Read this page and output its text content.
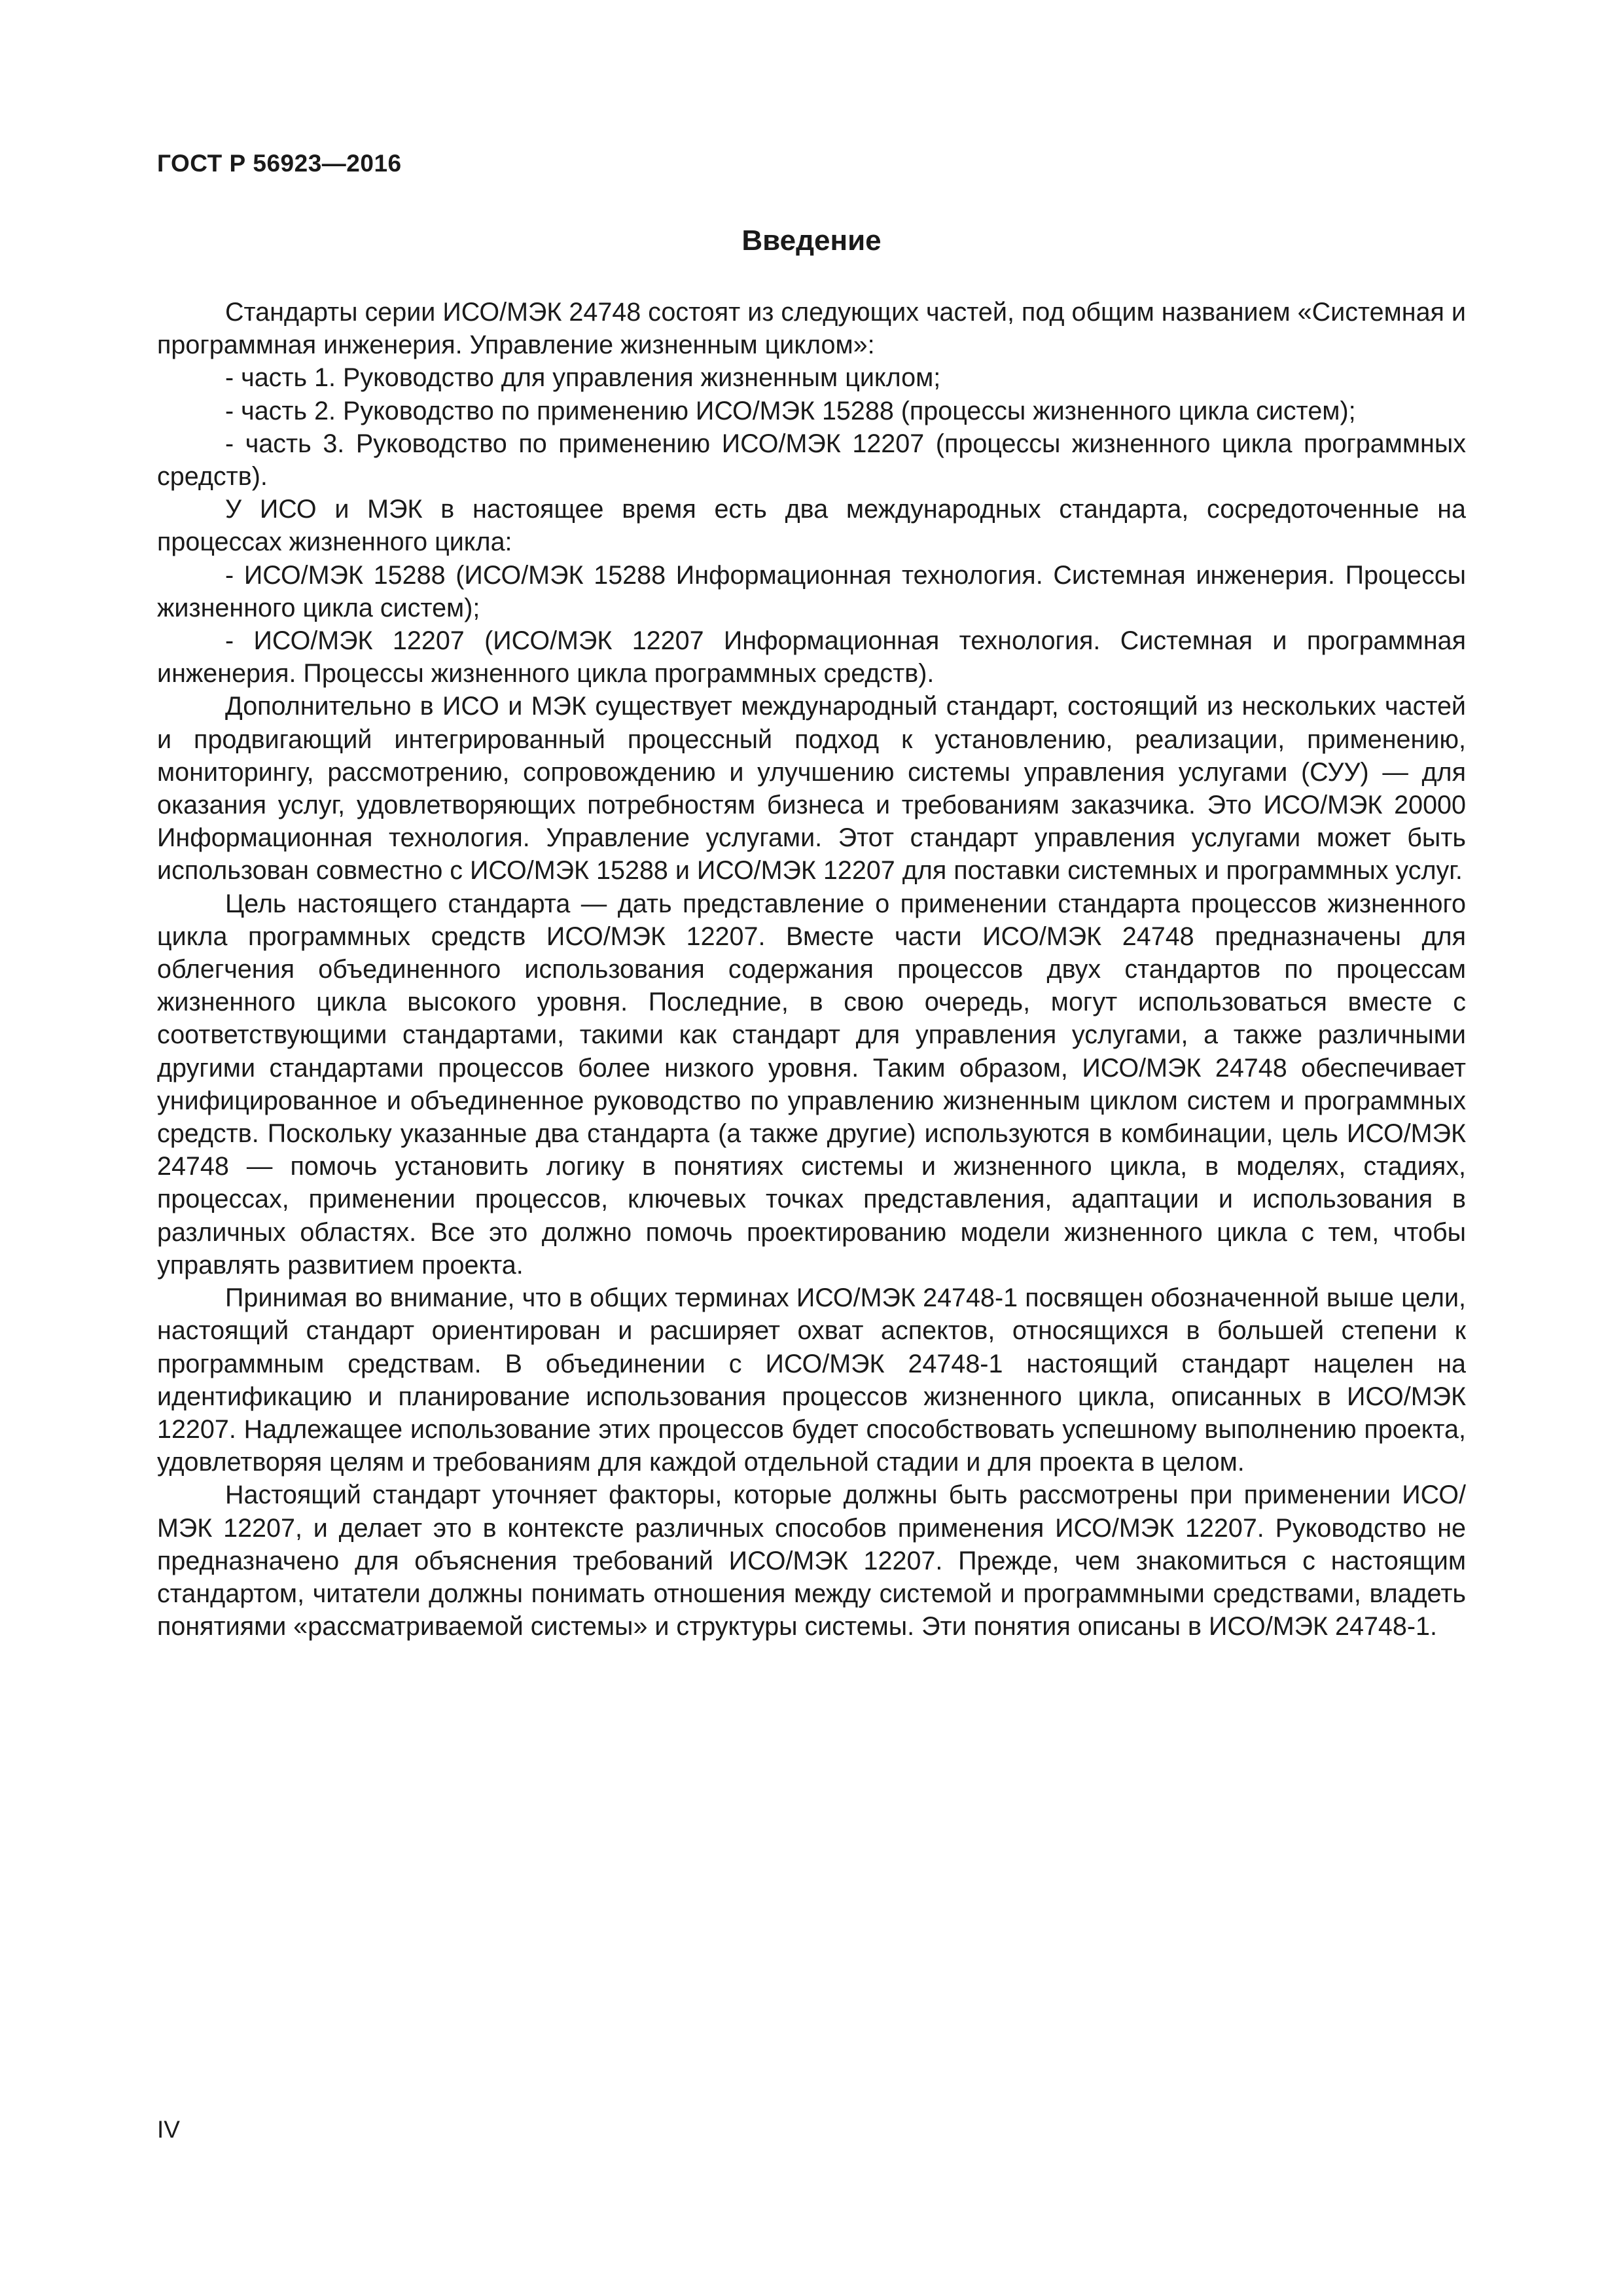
ГОСТ Р 56923—2016
Введение

Стандарты серии ИСО/МЭК 24748 состоят из следующих частей, под общим названием «Системная и программная инженерия. Управление жизненным циклом»:

- часть 1. Руководство для управления жизненным циклом;

- часть 2. Руководство по применению ИСО/МЭК 15288 (процессы жизненного цикла систем);

- часть 3. Руководство по применению ИСО/МЭК 12207 (процессы жизненного цикла программных средств).

У ИСО и МЭК в настоящее время есть два международных стандарта, сосредоточенные на процессах жизненного цикла:

- ИСО/МЭК 15288 (ИСО/МЭК 15288 Информационная технология. Системная инженерия. Процессы жизненного цикла систем);

- ИСО/МЭК 12207 (ИСО/МЭК 12207 Информационная технология. Системная и программная инженерия. Процессы жизненного цикла программных средств).

Дополнительно в ИСО и МЭК существует международный стандарт, состоящий из нескольких частей и продвигающий интегрированный процессный подход к установлению, реализации, применению, мониторингу, рассмотрению, сопровождению и улучшению системы управления услугами (СУУ) — для оказания услуг, удовлетворяющих потребностям бизнеса и требованиям заказчика. Это ИСО/МЭК 20000 Информационная технология. Управление услугами. Этот стандарт управления услугами может быть использован совместно с ИСО/МЭК 15288 и ИСО/МЭК 12207 для поставки системных и программных услуг.

Цель настоящего стандарта — дать представление о применении стандарта процессов жизненного цикла программных средств ИСО/МЭК 12207. Вместе части ИСО/МЭК 24748 предназначены для облегчения объединенного использования содержания процессов двух стандартов по процессам жизненного цикла высокого уровня. Последние, в свою очередь, могут использоваться вместе с соответствующими стандартами, такими как стандарт для управления услугами, а также различными другими стандартами процессов более низкого уровня. Таким образом, ИСО/МЭК 24748 обеспечивает унифицированное и объединенное руководство по управлению жизненным циклом систем и программных средств. Поскольку указанные два стандарта (а также другие) используются в комбинации, цель ИСО/МЭК 24748 — помочь установить логику в понятиях системы и жизненного цикла, в моделях, стадиях, процессах, применении процессов, ключевых точках представления, адаптации и использования в различных областях. Все это должно помочь проектированию модели жизненного цикла с тем, чтобы управлять развитием проекта.

Принимая во внимание, что в общих терминах ИСО/МЭК 24748-1 посвящен обозначенной выше цели, настоящий стандарт ориентирован и расширяет охват аспектов, относящихся в большей степени к программным средствам. В объединении с ИСО/МЭК 24748-1 настоящий стандарт нацелен на идентификацию и планирование использования процессов жизненного цикла, описанных в ИСО/МЭК 12207. Надлежащее использование этих процессов будет способствовать успешному выполнению проекта, удовлетворяя целям и требованиям для каждой отдельной стадии и для проекта в целом.

Настоящий стандарт уточняет факторы, которые должны быть рассмотрены при применении ИСО/МЭК 12207, и делает это в контексте различных способов применения ИСО/МЭК 12207. Руководство не предназначено для объяснения требований ИСО/МЭК 12207. Прежде, чем знакомиться с настоящим стандартом, читатели должны понимать отношения между системой и программными средствами, владеть понятиями «рассматриваемой системы» и структуры системы. Эти понятия описаны в ИСО/МЭК 24748-1.

IV
